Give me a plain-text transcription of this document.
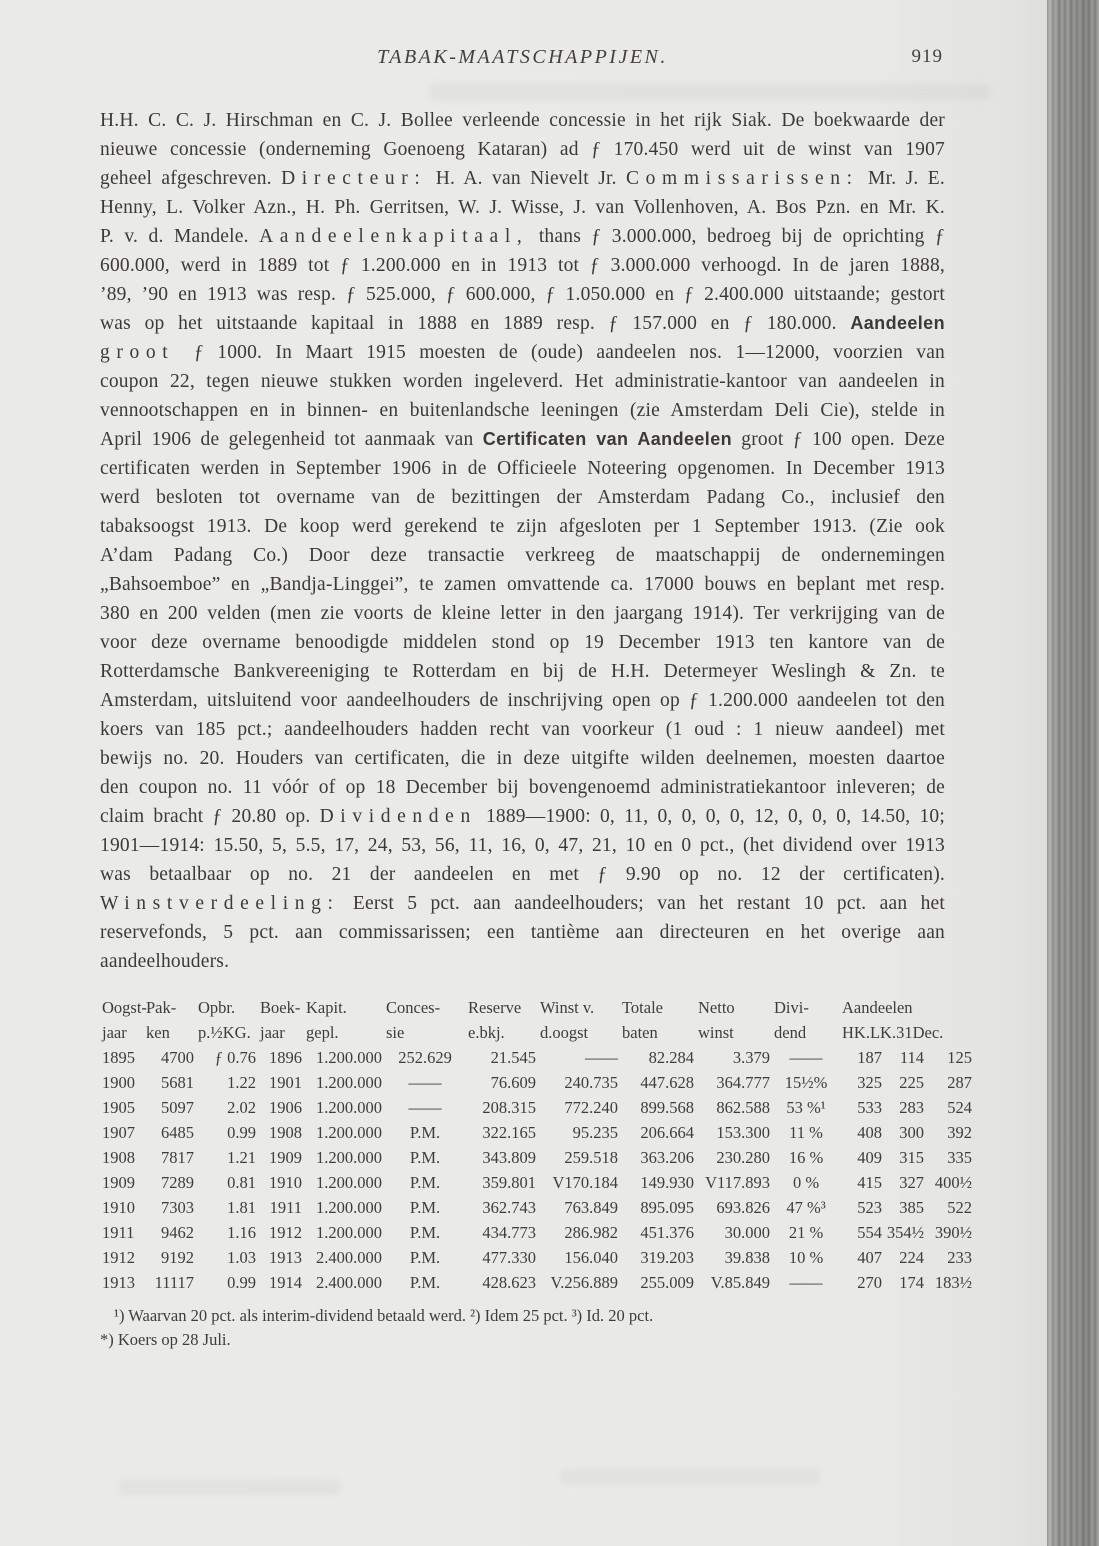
TABAK-MAATSCHAPPIJEN.	919

H.H. C. C. J. Hirschman en C. J. Bollee verleende concessie in het rijk Siak. De boekwaarde der nieuwe concessie (onderneming Goenoeng Kataran) ad ƒ 170.450 werd uit de winst van 1907 geheel afgeschreven. Directeur: H. A. van Nievelt Jr. Commissarissen: Mr. J. E. Henny, L. Volker Azn., H. Ph. Gerritsen, W. J. Wisse, J. van Vollenhoven, A. Bos Pzn. en Mr. K. P. v. d. Mandele. Aandeelenkapitaal, thans ƒ 3.000.000, bedroeg bij de oprichting ƒ 600.000, werd in 1889 tot ƒ 1.200.000 en in 1913 tot ƒ 3.000.000 verhoogd. In de jaren 1888, ’89, ’90 en 1913 was resp. ƒ 525.000, ƒ 600.000, ƒ 1.050.000 en ƒ 2.400.000 uitstaande; gestort was op het uitstaande kapitaal in 1888 en 1889 resp. ƒ 157.000 en ƒ 180.000. Aandeelen groot ƒ 1000. In Maart 1915 moesten de (oude) aandeelen nos. 1—12000, voorzien van coupon 22, tegen nieuwe stukken worden ingeleverd. Het administratie-kantoor van aandeelen in vennootschappen en in binnen- en buitenlandsche leeningen (zie Amsterdam Deli Cie), stelde in April 1906 de gelegenheid tot aanmaak van Certificaten van Aandeelen groot ƒ 100 open. Deze certificaten werden in September 1906 in de Officieele Noteering opgenomen. In December 1913 werd besloten tot overname van de bezittingen der Amsterdam Padang Co., inclusief den tabaksoogst 1913. De koop werd gerekend te zijn afgesloten per 1 September 1913. (Zie ook A’dam Padang Co.) Door deze transactie verkreeg de maatschappij de ondernemingen „Bahsoemboe” en „Bandja-Linggei”, te zamen omvattende ca. 17000 bouws en beplant met resp. 380 en 200 velden (men zie voorts de kleine letter in den jaargang 1914). Ter verkrijging van de voor deze overname benoodigde middelen stond op 19 December 1913 ten kantore van de Rotterdamsche Bankvereeniging te Rotterdam en bij de H.H. Determeyer Weslingh & Zn. te Amsterdam, uitsluitend voor aandeelhouders de inschrijving open op ƒ 1.200.000 aandeelen tot den koers van 185 pct.; aandeelhouders hadden recht van voorkeur (1 oud : 1 nieuw aandeel) met bewijs no. 20. Houders van certificaten, die in deze uitgifte wilden deelnemen, moesten daartoe den coupon no. 11 vóór of op 18 December bij bovengenoemd administratiekantoor inleveren; de claim bracht ƒ 20.80 op. Dividenden 1889—1900: 0, 11, 0, 0, 0, 0, 12, 0, 0, 0, 14.50, 10; 1901—1914: 15.50, 5, 5.5, 17, 24, 53, 56, 11, 16, 0, 47, 21, 10 en 0 pct., (het dividend over 1913 was betaalbaar op no. 21 der aandeelen en met ƒ 9.90 op no. 12 der certificaten). Winstverdeeling: Eerst 5 pct. aan aandeelhouders; van het restant 10 pct. aan het reservefonds, 5 pct. aan commissarissen; een tantième aan directeuren en het overige aan aandeelhouders.

Oogst-	Pak-	Opbr.	Boek-	Kapit.	Conces-	Reserve	Winst v.	Totale	Netto	Divi-	Aandeelen		
jaar	ken	p.½KG.	jaar	gepl.	sie	e.bkj.	d.oogst	baten	winst	dend	HK.LK.31Dec.		
1895	4700	ƒ 0.76	1896	1.200.000	252.629	21.545	——	82.284	3.379	——	187	114	125
1900	5681	1.22	1901	1.200.000	——	76.609	240.735	447.628	364.777	15½%	325	225	287
1905	5097	2.02	1906	1.200.000	——	208.315	772.240	899.568	862.588	53 %¹	533	283	524
1907	6485	0.99	1908	1.200.000	P.M.	322.165	95.235	206.664	153.300	11 %	408	300	392
1908	7817	1.21	1909	1.200.000	P.M.	343.809	259.518	363.206	230.280	16 %	409	315	335
1909	7289	0.81	1910	1.200.000	P.M.	359.801	V170.184	149.930	V117.893	0 %	415	327	400½
1910	7303	1.81	1911	1.200.000	P.M.	362.743	763.849	895.095	693.826	47 %³	523	385	522
1911	9462	1.16	1912	1.200.000	P.M.	434.773	286.982	451.376	30.000	21 %	554	354½	390½
1912	9192	1.03	1913	2.400.000	P.M.	477.330	156.040	319.203	39.838	10 %	407	224	233
1913	11117	0.99	1914	2.400.000	P.M.	428.623	V.256.889	255.009	V.85.849	——	270	174	183½
¹) Waarvan 20 pct. als interim-dividend betaald werd. ²) Idem 25 pct. ³) Id. 20 pct.
*) Koers op 28 Juli.
